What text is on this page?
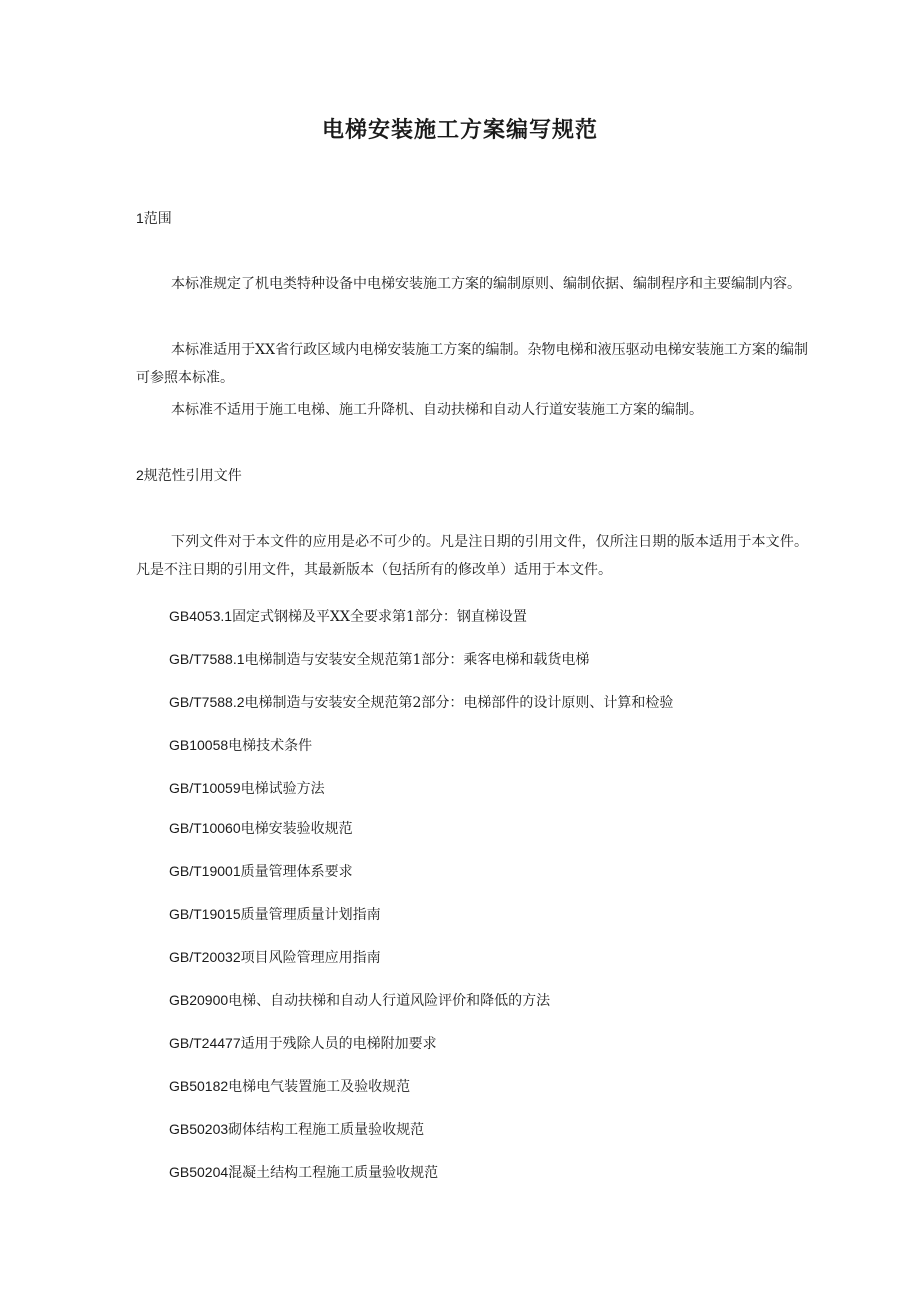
电梯安装施工方案编写规范

1范围

本标准规定了机电类特种设备中电梯安装施工方案的编制原则、编制依据、编制程序和主要编制内容。

本标准适用于XX省行政区域内电梯安装施工方案的编制。杂物电梯和液压驱动电梯安装施工方案的编制可参照本标准。

本标准不适用于施工电梯、施工升降机、自动扶梯和自动人行道安装施工方案的编制。

2规范性引用文件

下列文件对于本文件的应用是必不可少的。凡是注日期的引用文件，仅所注日期的版本适用于本文件。凡是不注日期的引用文件，其最新版本（包括所有的修改单）适用于本文件。

GB4053.1固定式钢梯及平XX全要求第1部分：钢直梯设置

GB/T7588.1电梯制造与安装安全规范第1部分：乘客电梯和载货电梯

GB/T7588.2电梯制造与安装安全规范第2部分：电梯部件的设计原则、计算和检验

GB10058电梯技术条件

GB/T10059电梯试验方法

GB/T10060电梯安装验收规范

GB/T19001质量管理体系要求

GB/T19015质量管理质量计划指南

GB/T20032项目风险管理应用指南

GB20900电梯、自动扶梯和自动人行道风险评价和降低的方法

GB/T24477适用于残除人员的电梯附加要求

GB50182电梯电气装置施工及验收规范

GB50203砌体结构工程施工质量验收规范

GB50204混凝土结构工程施工质量验收规范
